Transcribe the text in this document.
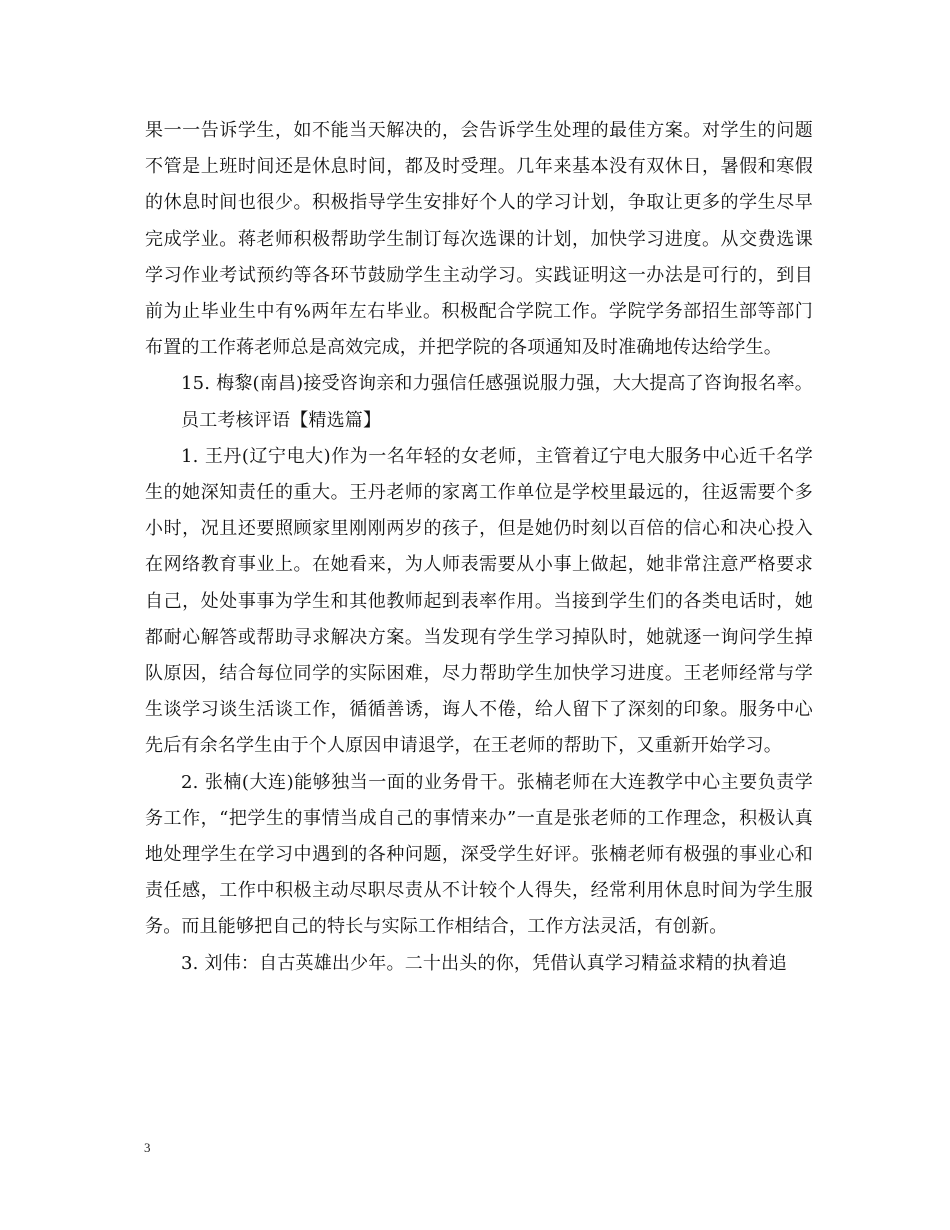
果一一告诉学生，如不能当天解决的，会告诉学生处理的最佳方案。对学生的问题不管是上班时间还是休息时间，都及时受理。几年来基本没有双休日，暑假和寒假的休息时间也很少。积极指导学生安排好个人的学习计划，争取让更多的学生尽早完成学业。蒋老师积极帮助学生制订每次选课的计划，加快学习进度。从交费选课学习作业考试预约等各环节鼓励学生主动学习。实践证明这一办法是可行的，到目前为止毕业生中有%两年左右毕业。积极配合学院工作。学院学务部招生部等部门布置的工作蒋老师总是高效完成，并把学院的各项通知及时准确地传达给学生。

15. 梅黎(南昌)接受咨询亲和力强信任感强说服力强，大大提高了咨询报名率。

员工考核评语【精选篇】

1. 王丹(辽宁电大)作为一名年轻的女老师，主管着辽宁电大服务中心近千名学生的她深知责任的重大。王丹老师的家离工作单位是学校里最远的，往返需要个多小时，况且还要照顾家里刚刚两岁的孩子，但是她仍时刻以百倍的信心和决心投入在网络教育事业上。在她看来，为人师表需要从小事上做起，她非常注意严格要求自己，处处事事为学生和其他教师起到表率作用。当接到学生们的各类电话时，她都耐心解答或帮助寻求解决方案。当发现有学生学习掉队时，她就逐一询问学生掉队原因，结合每位同学的实际困难，尽力帮助学生加快学习进度。王老师经常与学生谈学习谈生活谈工作，循循善诱，诲人不倦，给人留下了深刻的印象。服务中心先后有余名学生由于个人原因申请退学，在王老师的帮助下，又重新开始学习。

2. 张楠(大连)能够独当一面的业务骨干。张楠老师在大连教学中心主要负责学务工作，“把学生的事情当成自己的事情来办”一直是张老师的工作理念，积极认真地处理学生在学习中遇到的各种问题，深受学生好评。张楠老师有极强的事业心和责任感，工作中积极主动尽职尽责从不计较个人得失，经常利用休息时间为学生服务。而且能够把自己的特长与实际工作相结合，工作方法灵活，有创新。

3. 刘伟：自古英雄出少年。二十出头的你，凭借认真学习精益求精的执着追

3
